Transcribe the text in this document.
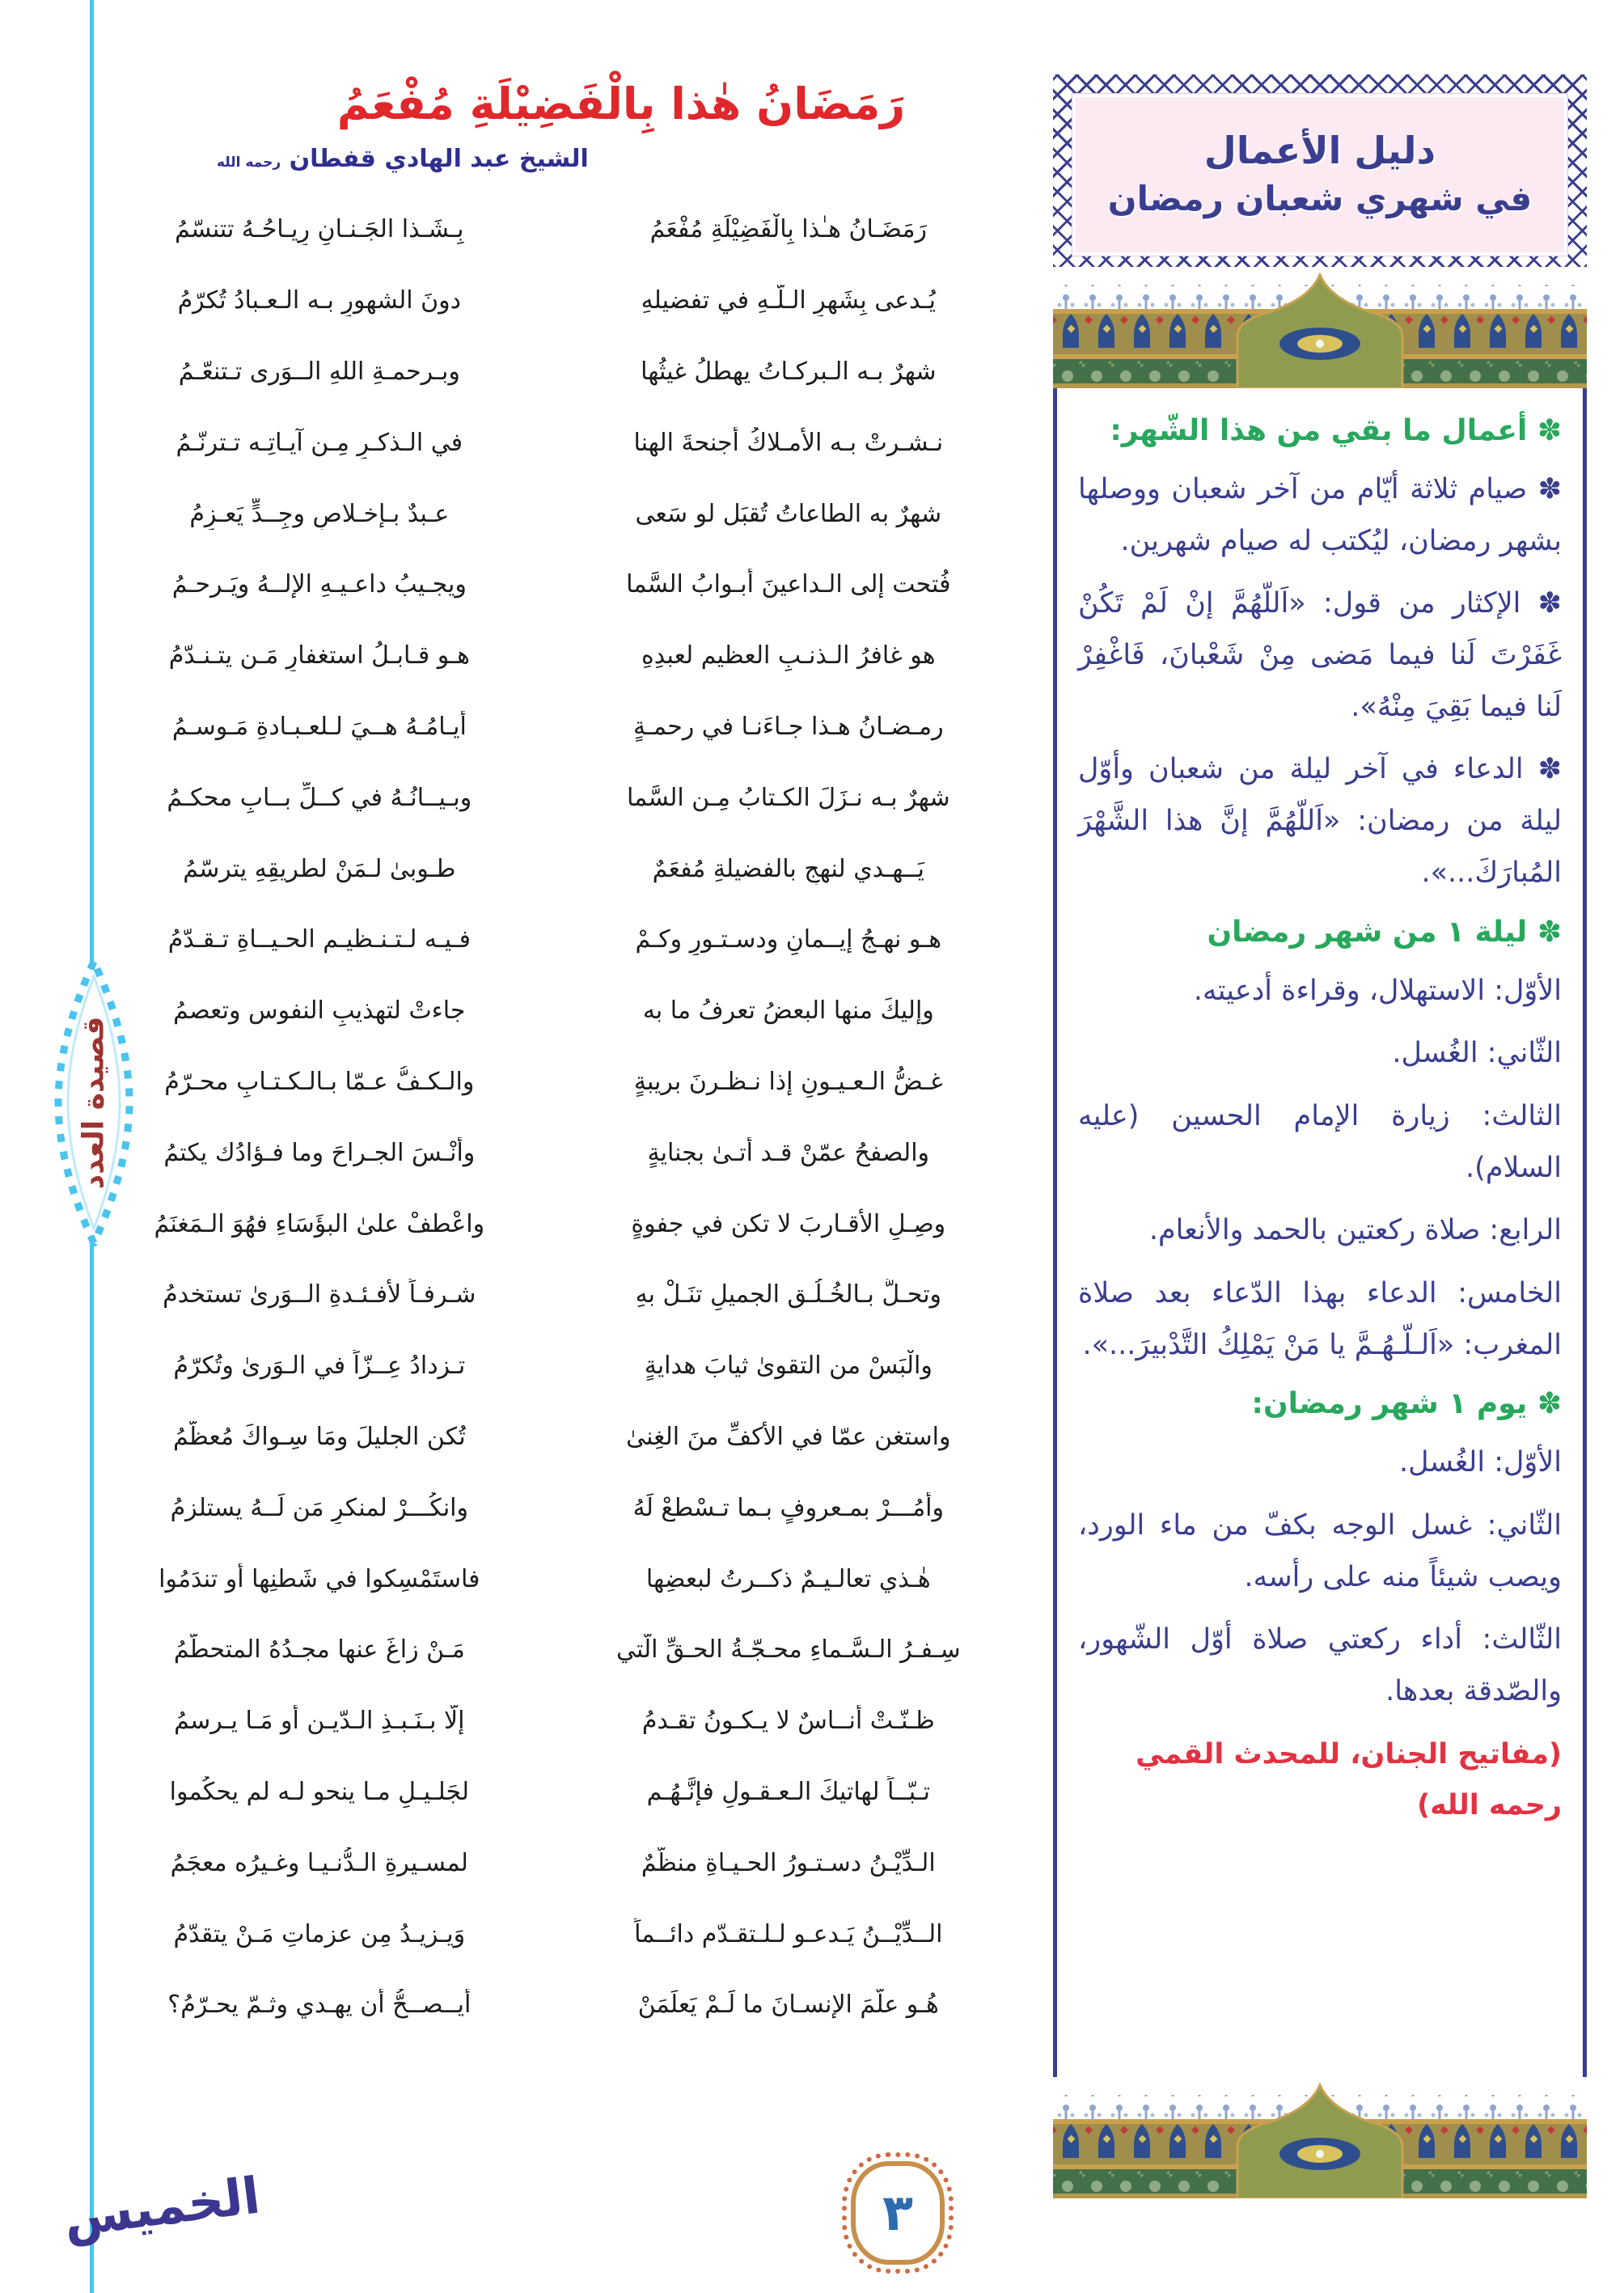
قصيدة العدد
رَمَضَانُ هٰذا بِالْفَضِيْلَةِ مُفْعَمُ
الشيخ عبد الهادي قفطان رحمه الله
رَمَضَـانُ هـٰذا بِالْفَضِيْلَةِ مُفْعَمُ
بِـشَـذا الجَـنـانِ رِيـاحُـهُ تتنسّمُ
يُـدعى بِشَهرِ الـلَّـهِ في تفضيلهِ
دونَ الشهورِ بـه الـعـبادُ تُكرّمُ
شهرٌ بـه الـبركـاتُ يهطلُ غيثُها
وبـرحمـةِ اللهِ الــوَرى تـتنعّـمُ
نـشـرتْ بـه الأمـلاكُ أجنحةَ الهنا
في الـذكـرِ مِـن آيـاتِـه تـترنّـمُ
شهرٌ به الطاعاتُ تُقبَل لو سَعى
عـبدٌ بـإخـلاصٍ وجِــدٍّ يَعـزِمُ
فُتحت إلى الـداعينَ أبـوابُ السَّما
ويجـيبُ داعـيـهِ الإلــهُ ويَـرحـمُ
هو غافرُ الـذنـبِ العظيمِ لعبدِهِ
هـو قـابـلُ استغفارِ مَـن يتـنـدّمُ
رمـضـانُ هـذا جـاءَنـا في رحمـةٍ
أيـامُـهُ هــيَ لـلعـبـادةِ مَـوسـمُ
شهرٌ بـه نـزَلَ الكـتابُ مِـن السَّما
وبـيــانُـهُ في كــلِّ بــابٍ محكـمُ
يَــهـدي لنهجٍ بالفضيلةِ مُفعَمٌ
طـوبىٰ لـمَنْ لطريقِهِ يترسّمُ
هـو نهـجُ إيــمانٍ ودسـتـورٍ وكـمْ
فـيـه لـتـنـظيـمِ الحـيــاةِ تـقـدّمُ
وإليكَ منها البعضُ تعرفُ ما به
جاءتْ لتهذيبِ النفوسِ وتعصمُ
غـضُّ الـعـيـونِ إذا نـظـرنَ بريبةٍ
والـكـفُّ عـمّا بـالـكـتـابِ محـرّمُ
والصفحُ عمّنْ قـد أتـىٰ بجنايةٍ
وأَنْـسَ الجـراحَ وما فـؤادُك يكتمُ
وصِـلِ الأقـاربَ لا تكن في جفوةٍ
واعْطفْ علىٰ البؤَسَاءِ فهُوَ الـمَغنَمُ
وتحـلَّ بـالخُـلُـقِ الجميلِ تنَـلْ بهِ
شـرفـاً لأفـئـدةِ الــوَرىٰ تستخدمُ
والْبَسْ من التقوىٰ ثيابَ هدايةٍ
تـزدادُ عِــزّاً في الـوَرىٰ وتُكرّمُ
واستغنِ عمّا في الأكفِّ منَ الغِنىٰ
تُكنِ الجليلَ ومَا سِـواكَ مُعظّمُ
وأْمُـــرْ بمـعروفٍ بـما تـسْطعْ لَهُ
وانكُـــرْ لمنكرٍ مَن لَــهُ يستلزمُ
هٰـذي تعالـيـمٌ ذكــرتُ لبعضِها
فاستَمْسِكوا في شَطنِها أو تندَمُوا
سِـفـرُ الـسَّـماءِ محـجّـةُ الحـقِّ الّتي
مَـنْ زاغَ عنها مجـدُهُ المتحطّمُ
ظـنّـتْ أُنــاسٌ لا يـكـونُ تقـدمُ
إلّا بـنَـبـذِ الـدّيـنِ أو مَـا يـرسمُ
تـبّــاً لهاتيكَ الـعـقـولِ فإنَّـهُـم
لجَلـيـلِ مـا ينحو لـه لم يحكُموا
الـدِّيْـنُ دسـتـورُ الحـيـاةِ منظّمٌ
لمسـيرةِ الـدُّنـيـا وغـيرُه معجَمُ
الــدِّيْــنُ يَـدعـو لـلـتقـدّمِ دائــماً
وَيـزيـدُ مِن عزماتِ مَـنْ يتقدّمُ
هُـو علّمَ الإنسـانَ ما لَـمْ يَعلَمَنْ
أيــصــحُّ أن يهـدي وثـمّ يحـرّمُ؟
دليل الأعمال
في شهري شعبان رمضان

✽ أعمال ما بقي من هذا الشّهر:

✽ صيام ثلاثة أيّام من آخر شعبان ووصلها بشهر رمضان، ليُكتب له صيام شهرين.

✽ الإكثار من قول: «اَللّهُمَّ إنْ لَمْ تَكُنْ غَفَرْتَ لَنا فيما مَضى مِنْ شَعْبانَ، فَاغْفِرْ لَنا فيما بَقِيَ مِنْهُ».

✽ الدعاء في آخر ليلة من شعبان وأوّل ليلة من رمضان: «اَللّهُمَّ إنَّ هذا الشَّهْرَ المُبارَكَ...».

✽ ليلة ١ من شهر رمضان

الأوّل: الاستهلال، وقراءة أدعيته.

الثّاني: الغُسل.

الثالث: زيارة الإمام الحسين (عليه السلام).

الرابع: صلاة ركعتين بالحمد والأنعام.

الخامس: الدعاء بهذا الدّعاء بعد صلاة المغرب: «اَلـلّـهُـمَّ يا مَنْ يَمْلِكُ التَّدْبيرَ...».

✽ يوم ١ شهر رمضان:

الأوّل: الغُسل.

الثّاني: غسل الوجه بكفّ من ماء الورد، ويصب شيئاً منه على رأسه.

الثّالث: أداء ركعتي صلاة أوّل الشّهور، والصّدقة بعدها.

(مفاتيح الجنان، للمحدث القمي رحمه الله)

٣
الخميس
